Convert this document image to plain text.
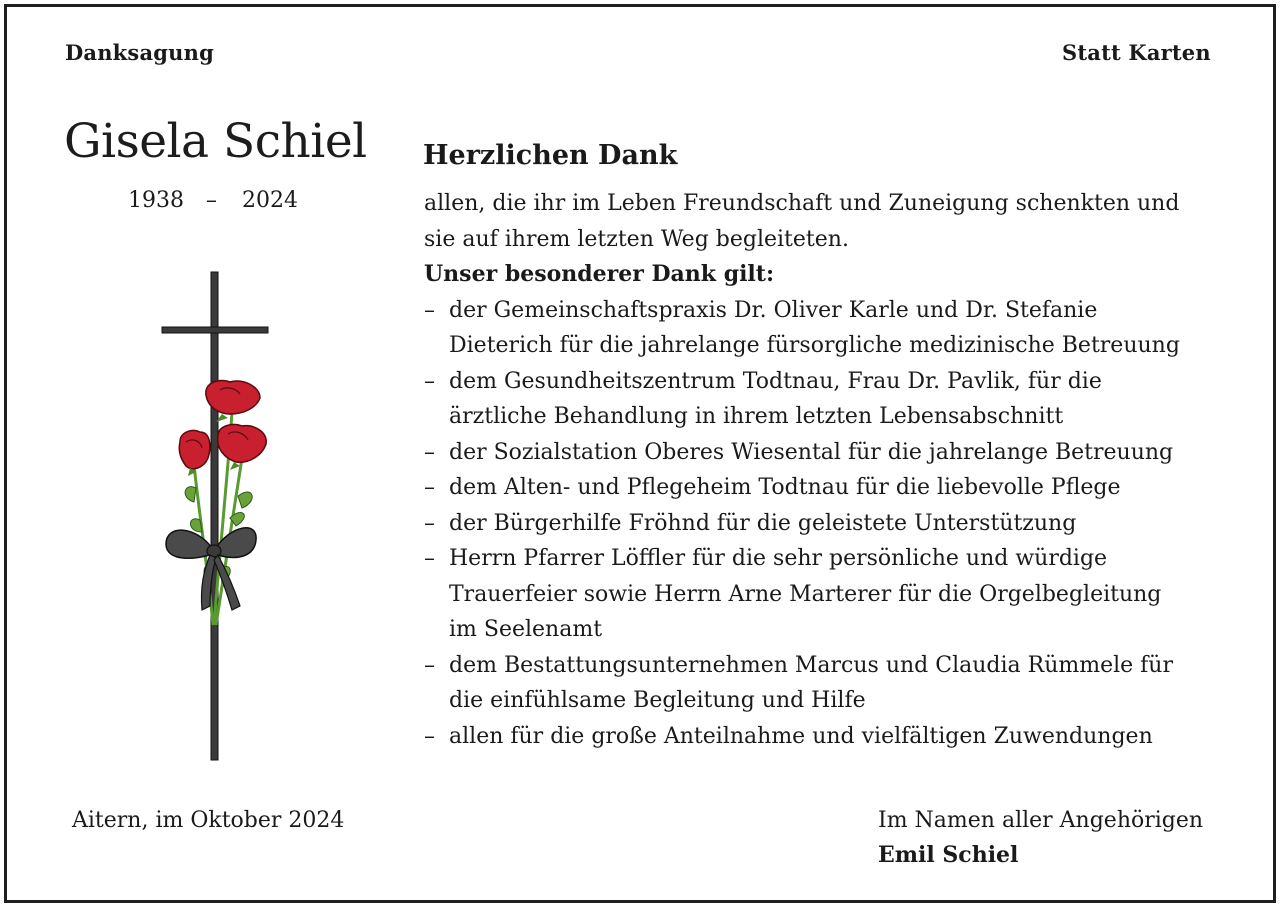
Danksagung	Statt Karten
Gisela Schiel
1938 – 2024
Herzlichen Dank
allen, die ihr im Leben Freundschaft und Zuneigung schenkten und
sie auf ihrem letzten Weg begleiteten.
Unser besonderer Dank gilt:
– der Gemeinschaftspraxis Dr. Oliver Karle und Dr. Stefanie
Dieterich für die jahrelange fürsorgliche medizinische Betreuung
– dem Gesundheitszentrum Todtnau, Frau Dr. Pavlik, für die
ärztliche Behandlung in ihrem letzten Lebensabschnitt
– der Sozialstation Oberes Wiesental für die jahrelange Betreuung
– dem Alten- und Pflegeheim Todtnau für die liebevolle Pflege
– der Bürgerhilfe Fröhnd für die geleistete Unterstützung
– Herrn Pfarrer Löffler für die sehr persönliche und würdige
Trauerfeier sowie Herrn Arne Marterer für die Orgelbegleitung
im Seelenamt
– dem Bestattungsunternehmen Marcus und Claudia Rümmele für
die einfühlsame Begleitung und Hilfe
– allen für die große Anteilnahme und vielfältigen Zuwendungen
Aitern, im Oktober 2024	Im Namen aller Angehörigen
Emil Schiel
